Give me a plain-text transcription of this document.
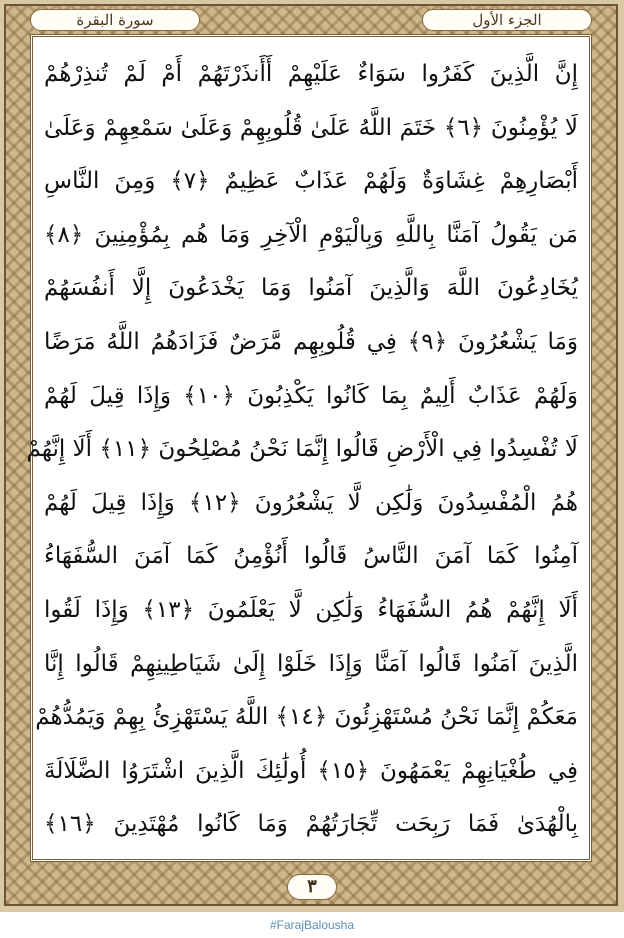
سورة البقرة	الجزء الأول
إِنَّ الَّذِينَ كَفَرُوا سَوَاءٌ عَلَيْهِمْ أَأَنذَرْتَهُمْ أَمْ لَمْ تُنذِرْهُمْ
لَا يُؤْمِنُونَ ﴿٦﴾ خَتَمَ اللَّهُ عَلَىٰ قُلُوبِهِمْ وَعَلَىٰ سَمْعِهِمْ وَعَلَىٰ
أَبْصَارِهِمْ غِشَاوَةٌ وَلَهُمْ عَذَابٌ عَظِيمٌ ﴿٧﴾ وَمِنَ النَّاسِ
مَن يَقُولُ آمَنَّا بِاللَّهِ وَبِالْيَوْمِ الْآخِرِ وَمَا هُم بِمُؤْمِنِينَ ﴿٨﴾
يُخَادِعُونَ اللَّهَ وَالَّذِينَ آمَنُوا وَمَا يَخْدَعُونَ إِلَّا أَنفُسَهُمْ
وَمَا يَشْعُرُونَ ﴿٩﴾ فِي قُلُوبِهِم مَّرَضٌ فَزَادَهُمُ اللَّهُ مَرَضًا
وَلَهُمْ عَذَابٌ أَلِيمٌ بِمَا كَانُوا يَكْذِبُونَ ﴿١٠﴾ وَإِذَا قِيلَ لَهُمْ
لَا تُفْسِدُوا فِي الْأَرْضِ قَالُوا إِنَّمَا نَحْنُ مُصْلِحُونَ ﴿١١﴾ أَلَا إِنَّهُمْ
هُمُ الْمُفْسِدُونَ وَلَٰكِن لَّا يَشْعُرُونَ ﴿١٢﴾ وَإِذَا قِيلَ لَهُمْ
آمِنُوا كَمَا آمَنَ النَّاسُ قَالُوا أَنُؤْمِنُ كَمَا آمَنَ السُّفَهَاءُ
أَلَا إِنَّهُمْ هُمُ السُّفَهَاءُ وَلَٰكِن لَّا يَعْلَمُونَ ﴿١٣﴾ وَإِذَا لَقُوا
الَّذِينَ آمَنُوا قَالُوا آمَنَّا وَإِذَا خَلَوْا إِلَىٰ شَيَاطِينِهِمْ قَالُوا إِنَّا
مَعَكُمْ إِنَّمَا نَحْنُ مُسْتَهْزِئُونَ ﴿١٤﴾ اللَّهُ يَسْتَهْزِئُ بِهِمْ وَيَمُدُّهُمْ
فِي طُغْيَانِهِمْ يَعْمَهُونَ ﴿١٥﴾ أُولَٰئِكَ الَّذِينَ اشْتَرَوُا الضَّلَالَةَ
بِالْهُدَىٰ فَمَا رَبِحَت تِّجَارَتُهُمْ وَمَا كَانُوا مُهْتَدِينَ ﴿١٦﴾
٣
#FarajBalousha
